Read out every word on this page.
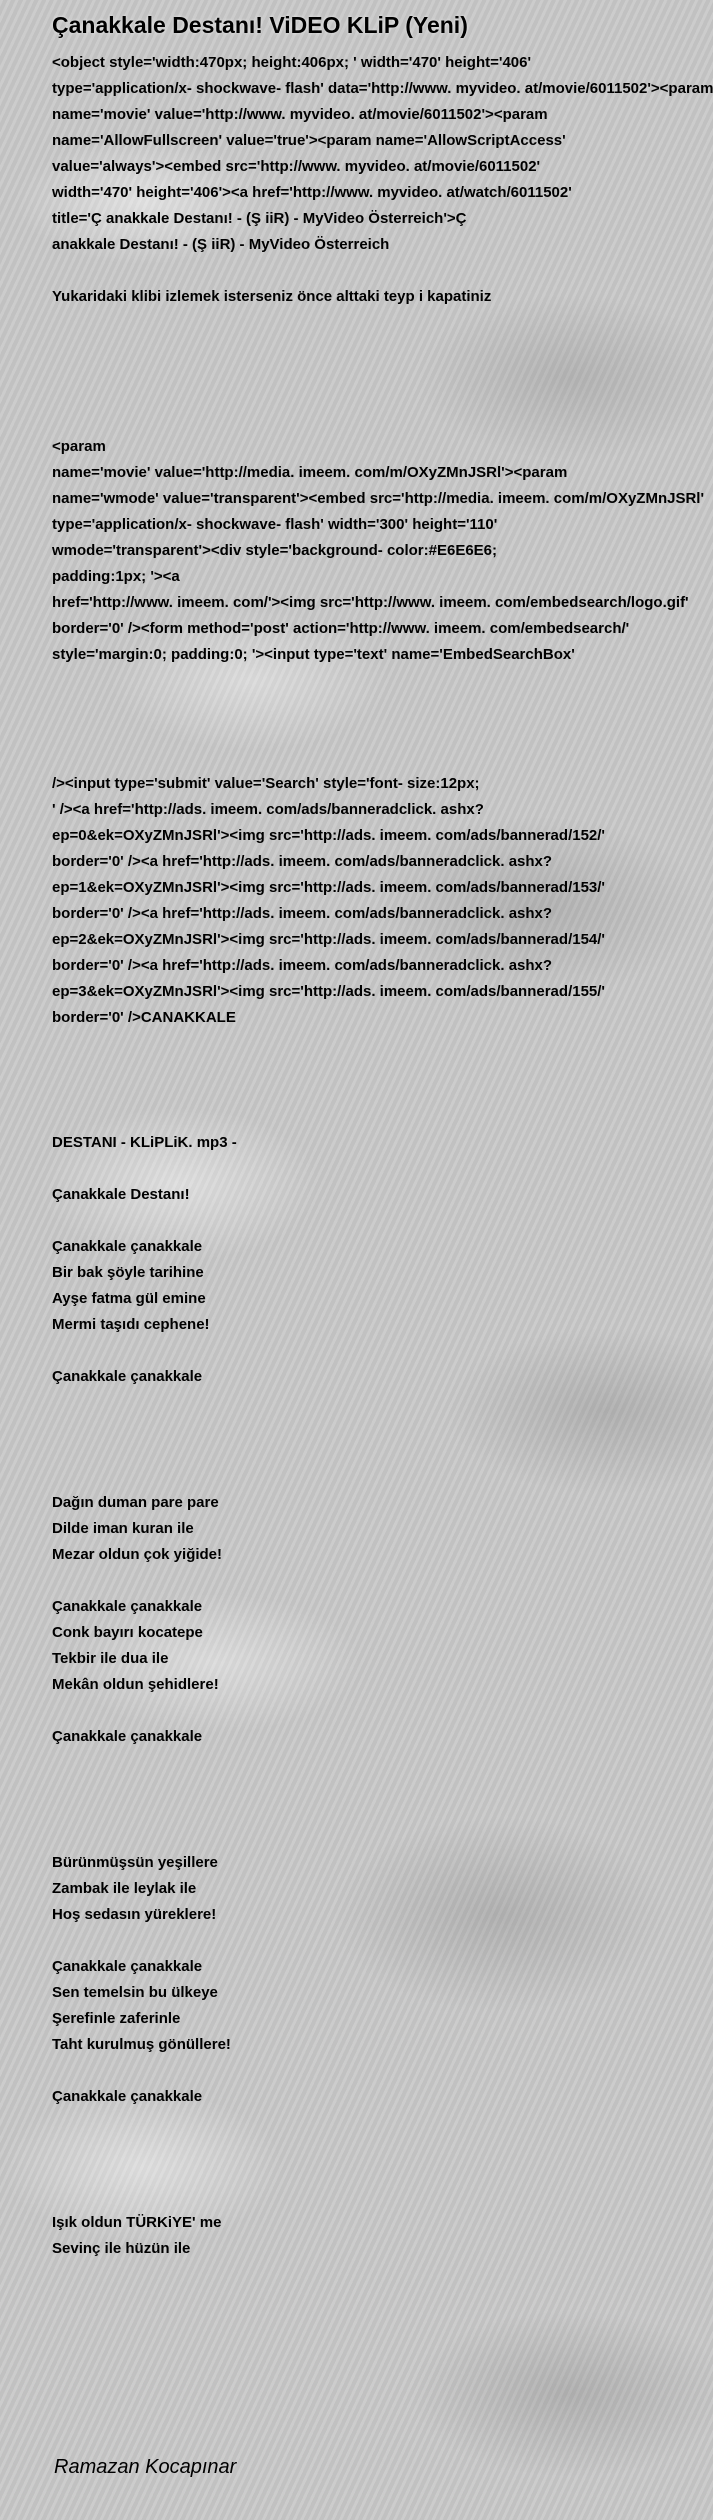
Çanakkale Destanı! ViDEO KLiP (Yeni)
<object style='width:470px; height:406px; ' width='470' height='406'
type='application/x- shockwave- flash' data='http://www. myvideo. at/movie/6011502'><param
name='movie' value='http://www. myvideo. at/movie/6011502'><param
name='AllowFullscreen' value='true'><param name='AllowScriptAccess'
value='always'><embed src='http://www. myvideo. at/movie/6011502'
width='470' height='406'><a href='http://www. myvideo. at/watch/6011502'
title='Ç anakkale Destanı! - (Ş iiR) - MyVideo Österreich'>Ç
anakkale Destanı! - (Ş iiR) - MyVideo Österreich
Yukaridaki klibi izlemek isterseniz önce alttaki teyp i kapatiniz
<param
name='movie' value='http://media. imeem. com/m/OXyZMnJSRl'><param
name='wmode' value='transparent'><embed src='http://media. imeem. com/m/OXyZMnJSRl'
type='application/x- shockwave- flash' width='300' height='110'
wmode='transparent'><div style='background- color:#E6E6E6;
padding:1px; '><a
href='http://www. imeem. com/'><img src='http://www. imeem. com/embedsearch/logo.gif'
border='0' /><form method='post' action='http://www. imeem. com/embedsearch/'
style='margin:0; padding:0; '><input type='text' name='EmbedSearchBox'
/><input type='submit' value='Search' style='font- size:12px;
' /><a href='http://ads. imeem. com/ads/banneradclick. ashx?
ep=0&ek=OXyZMnJSRl'><img src='http://ads. imeem. com/ads/bannerad/152/'
border='0' /><a href='http://ads. imeem. com/ads/banneradclick. ashx?
ep=1&ek=OXyZMnJSRl'><img src='http://ads. imeem. com/ads/bannerad/153/'
border='0' /><a href='http://ads. imeem. com/ads/banneradclick. ashx?
ep=2&ek=OXyZMnJSRl'><img src='http://ads. imeem. com/ads/bannerad/154/'
border='0' /><a href='http://ads. imeem. com/ads/banneradclick. ashx?
ep=3&ek=OXyZMnJSRl'><img src='http://ads. imeem. com/ads/bannerad/155/'
border='0' />CANAKKALE
DESTANI - KLiPLiK. mp3 -
Çanakkale Destanı!
Çanakkale çanakkale
Bir bak şöyle tarihine
Ayşe fatma gül emine
Mermi taşıdı cephene!
Çanakkale çanakkale
Dağın duman pare pare
Dilde iman kuran ile
Mezar oldun çok yiğide!
Çanakkale çanakkale
Conk bayırı kocatepe
Tekbir ile dua ile
Mekân oldun şehidlere!
Çanakkale çanakkale
Bürünmüşsün yeşillere
Zambak ile leylak ile
Hoş sedasın yüreklere!
Çanakkale çanakkale
Sen temelsin bu ülkeye
Şerefinle zaferinle
Taht kurulmuş gönüllere!
Çanakkale çanakkale
Işık oldun TÜRKiYE' me
Sevinç ile hüzün ile
Ramazan Kocapınar
